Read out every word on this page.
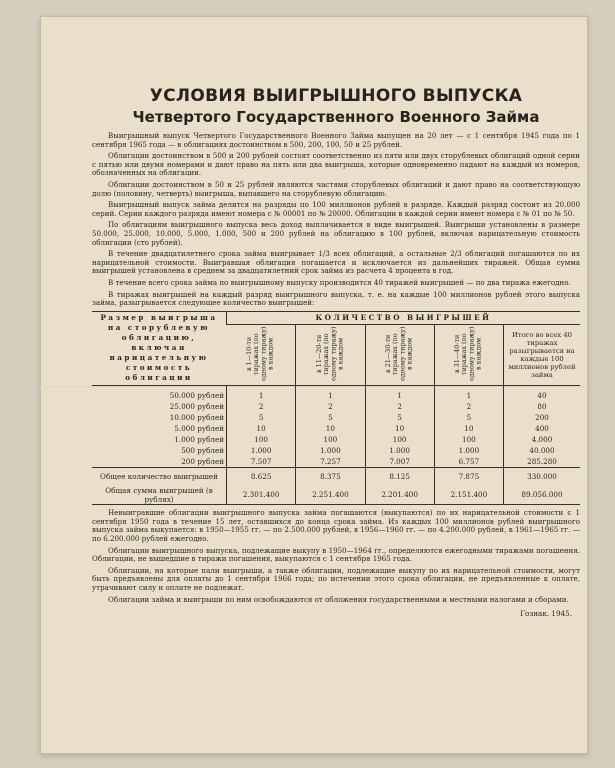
УСЛОВИЯ ВЫИГРЫШНОГО ВЫПУСКА
Четвертого Государственного Военного Займа

Выигрышный выпуск Четвертого Государственного Военного Займа выпущен на 20 лет — с 1 сентября 1945 года по 1 сентября 1965 года — в облигациях достоинством в 500, 200, 100, 50 и 25 рублей.

Облигации достоинством в 500 и 200 рублей состоят соответственно из пяти или двух сторублевых облигаций одной серии с пятью или двумя номерами и дают право на пять или два выигрыша, которые одновременно падают на каждый из номеров, обозначенных на облигации.

Облигации достоинством в 50 и 25 рублей являются частями сторублевых облигаций и дают право на соответствующую долю (половину, четверть) выигрыша, выпавшего на сторублевую облигацию.

Выигрышный выпуск займа делится на разряды по 100 миллионов рублей в разряде. Каждый разряд состоит из 20.000 серий. Серии каждого разряда имеют номера с № 00001 по № 20000. Облигации в каждой серии имеют номера с № 01 по № 50.

По облигациям выигрышного выпуска весь доход выплачивается в виде выигрышей. Выигрыши установлены в размере 50.000, 25.000, 10.000, 5.000, 1.000, 500 и 200 рублей на облигацию в 100 рублей, включая нарицательную стоимость облигации (сто рублей).

В течение двадцатилетнего срока займа выигрывает 1/3 всех облигаций, а остальные 2/3 облигаций погашаются по их нарицательной стоимости. Выигравшая облигация погашается и исключается из дальнейших тиражей. Общая сумма выигрышей установлена в среднем за двадцатилетний срок займа из расчета 4 процента в год.

В течение всего срока займа по выигрышному выпуску производится 40 тиражей выигрышей — по два тиража ежегодно.

В тиражах выигрышей на каждый разряд выигрышного выпуска, т. е. на каждые 100 миллионов рублей этого выпуска займа, разыгрывается следующее количество выигрышей:

Размер выигрыша на сторублевую облигацию, включая нарицательную стоимость облигации	КОЛИЧЕСТВО ВЫИГРЫШЕЙ				
	в 1—10-ти тиражах (по одному тиражу) в каждом	в 11—20-ти тиражах (по одному тиражу) в каждом	в 21—30-ти тиражах (по одному тиражу) в каждом	в 31—40-ти тиражах (по одному тиражу) в каждом	Итого во всех 40 тиражах разыгрывается на каждые 100 миллионов рублей займа
50.000 рублей	1	1	1	1	40
25.000 рублей	2	2	2	2	80
10.000 рублей	5	5	5	5	200
5.000 рублей	10	10	10	10	400
1.000 рублей	100	100	100	100	4.000
500 рублей	1.000	1.000	1.000	1.000	40.000
200 рублей	7.507	7.257	7.007	6.757	285.280
Общее количество выигрышей	8.625	8.375	8.125	7.875	330.000
Общая сумма выигрышей (в рублях)	2.301.400	2.251.400	2.201.400	2.151.400	89.056.000

Невыигравшие облигации выигрышного выпуска займа погашаются (выкупаются) по их нарицательной стоимости с 1 сентября 1950 года в течение 15 лет, оставшихся до конца срока займа. Из каждых 100 миллионов рублей выигрышного выпуска займа выкупается: в 1950—1955 гг. — по 2.500.000 рублей, в 1956—1960 гг. — по 4.200.000 рублей, в 1961—1965 гг. — по 6.200.000 рублей ежегодно.

Облигации выигрышного выпуска, подлежащие выкупу в 1950—1964 гг., определяются ежегодными тиражами погашения. Облигации, не вышедшие в тиражи погашения, выкупаются с 1 сентября 1965 года.

Облигации, на которые пали выигрыши, а также облигации, подлежащие выкупу по их нарицательной стоимости, могут быть предъявлены для оплаты до 1 сентября 1966 года; по истечении этого срока облигации, не предъявленные к оплате, утрачивают силу и оплате не подлежат.

Облигации займа и выигрыши по ним освобождаются от обложения государственными и местными налогами и сборами.

Гознак. 1945.
